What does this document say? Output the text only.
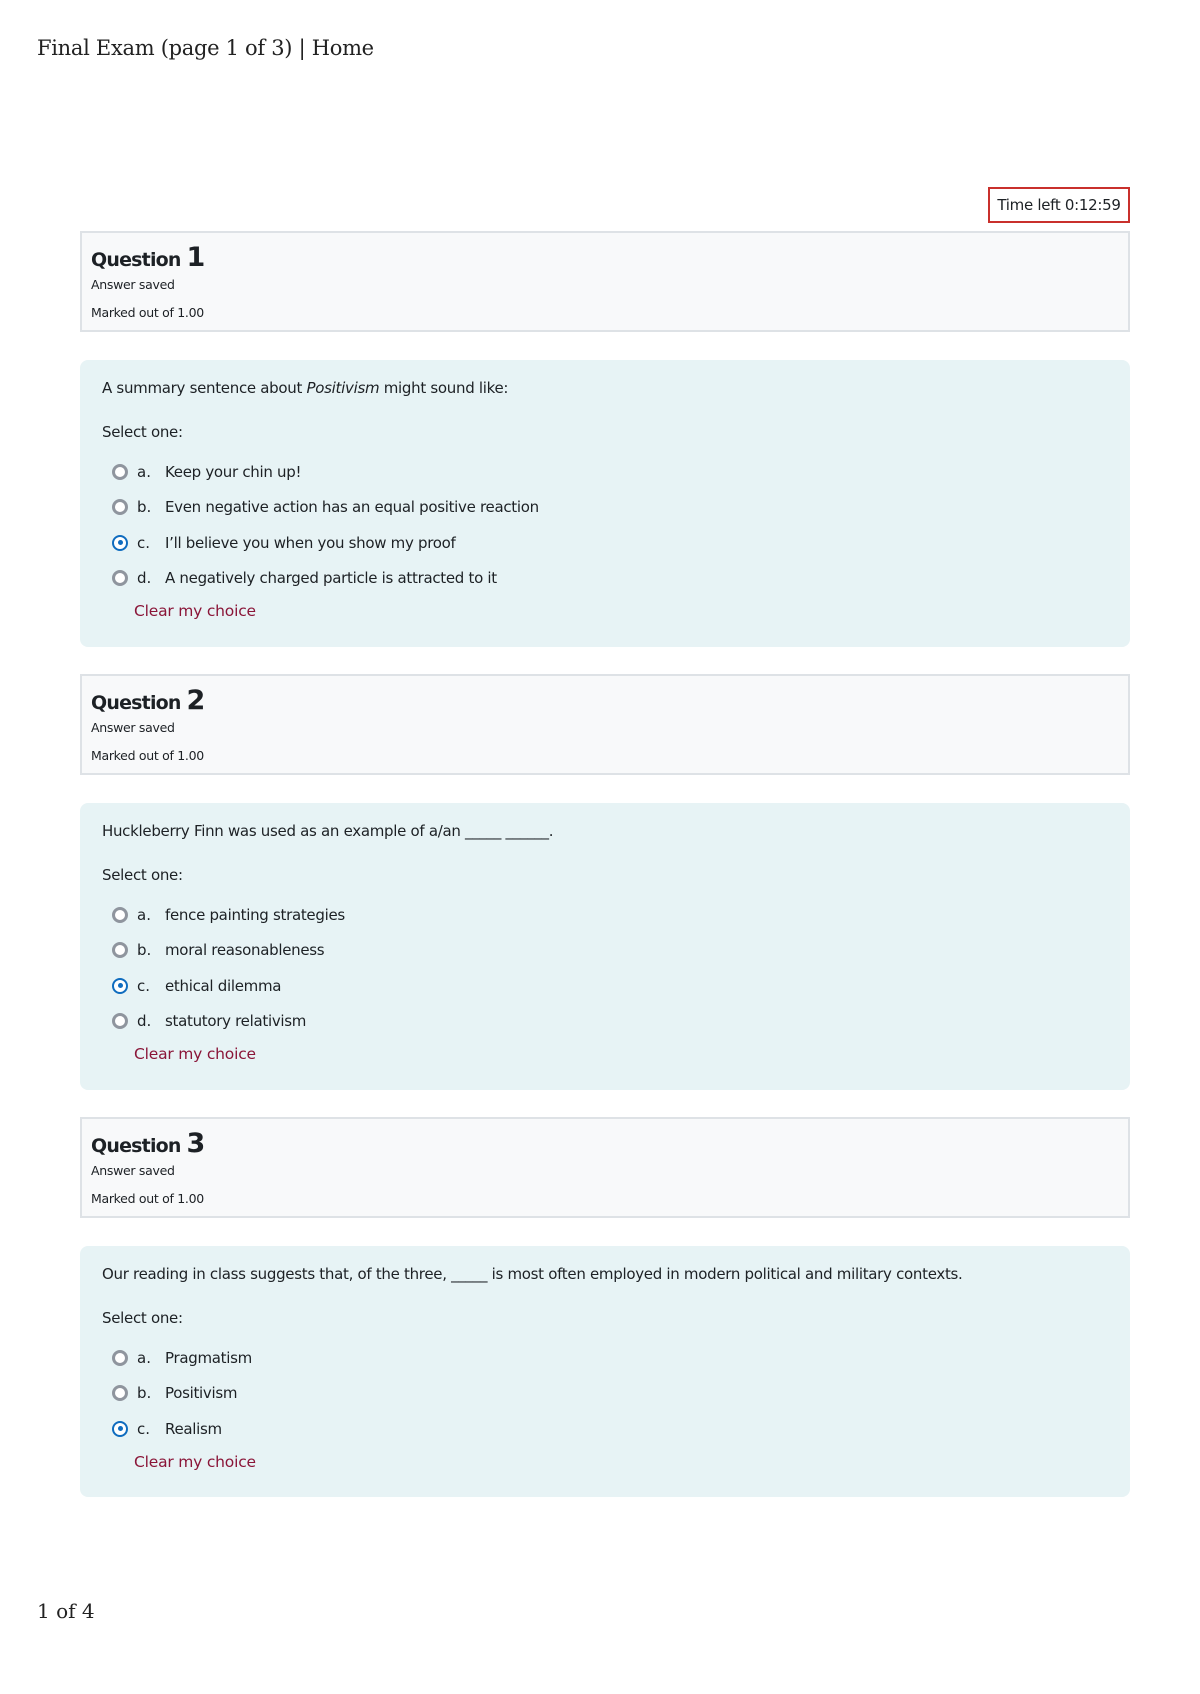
Final Exam (page 1 of 3) | Home
Time left 0:12:59
Question 1
Answer saved
Marked out of 1.00
A summary sentence about Positivism might sound like:
Select one:
a. Keep your chin up!
b. Even negative action has an equal positive reaction
c. I’ll believe you when you show my proof
d. A negatively charged particle is attracted to it
Clear my choice
Question 2
Answer saved
Marked out of 1.00
Huckleberry Finn was used as an example of a/an _____ ______.
Select one:
a. fence painting strategies
b. moral reasonableness
c. ethical dilemma
d. statutory relativism
Clear my choice
Question 3
Answer saved
Marked out of 1.00
Our reading in class suggests that, of the three, _____ is most often employed in modern political and military contexts.
Select one:
a. Pragmatism
b. Positivism
c. Realism
Clear my choice
1 of 4
